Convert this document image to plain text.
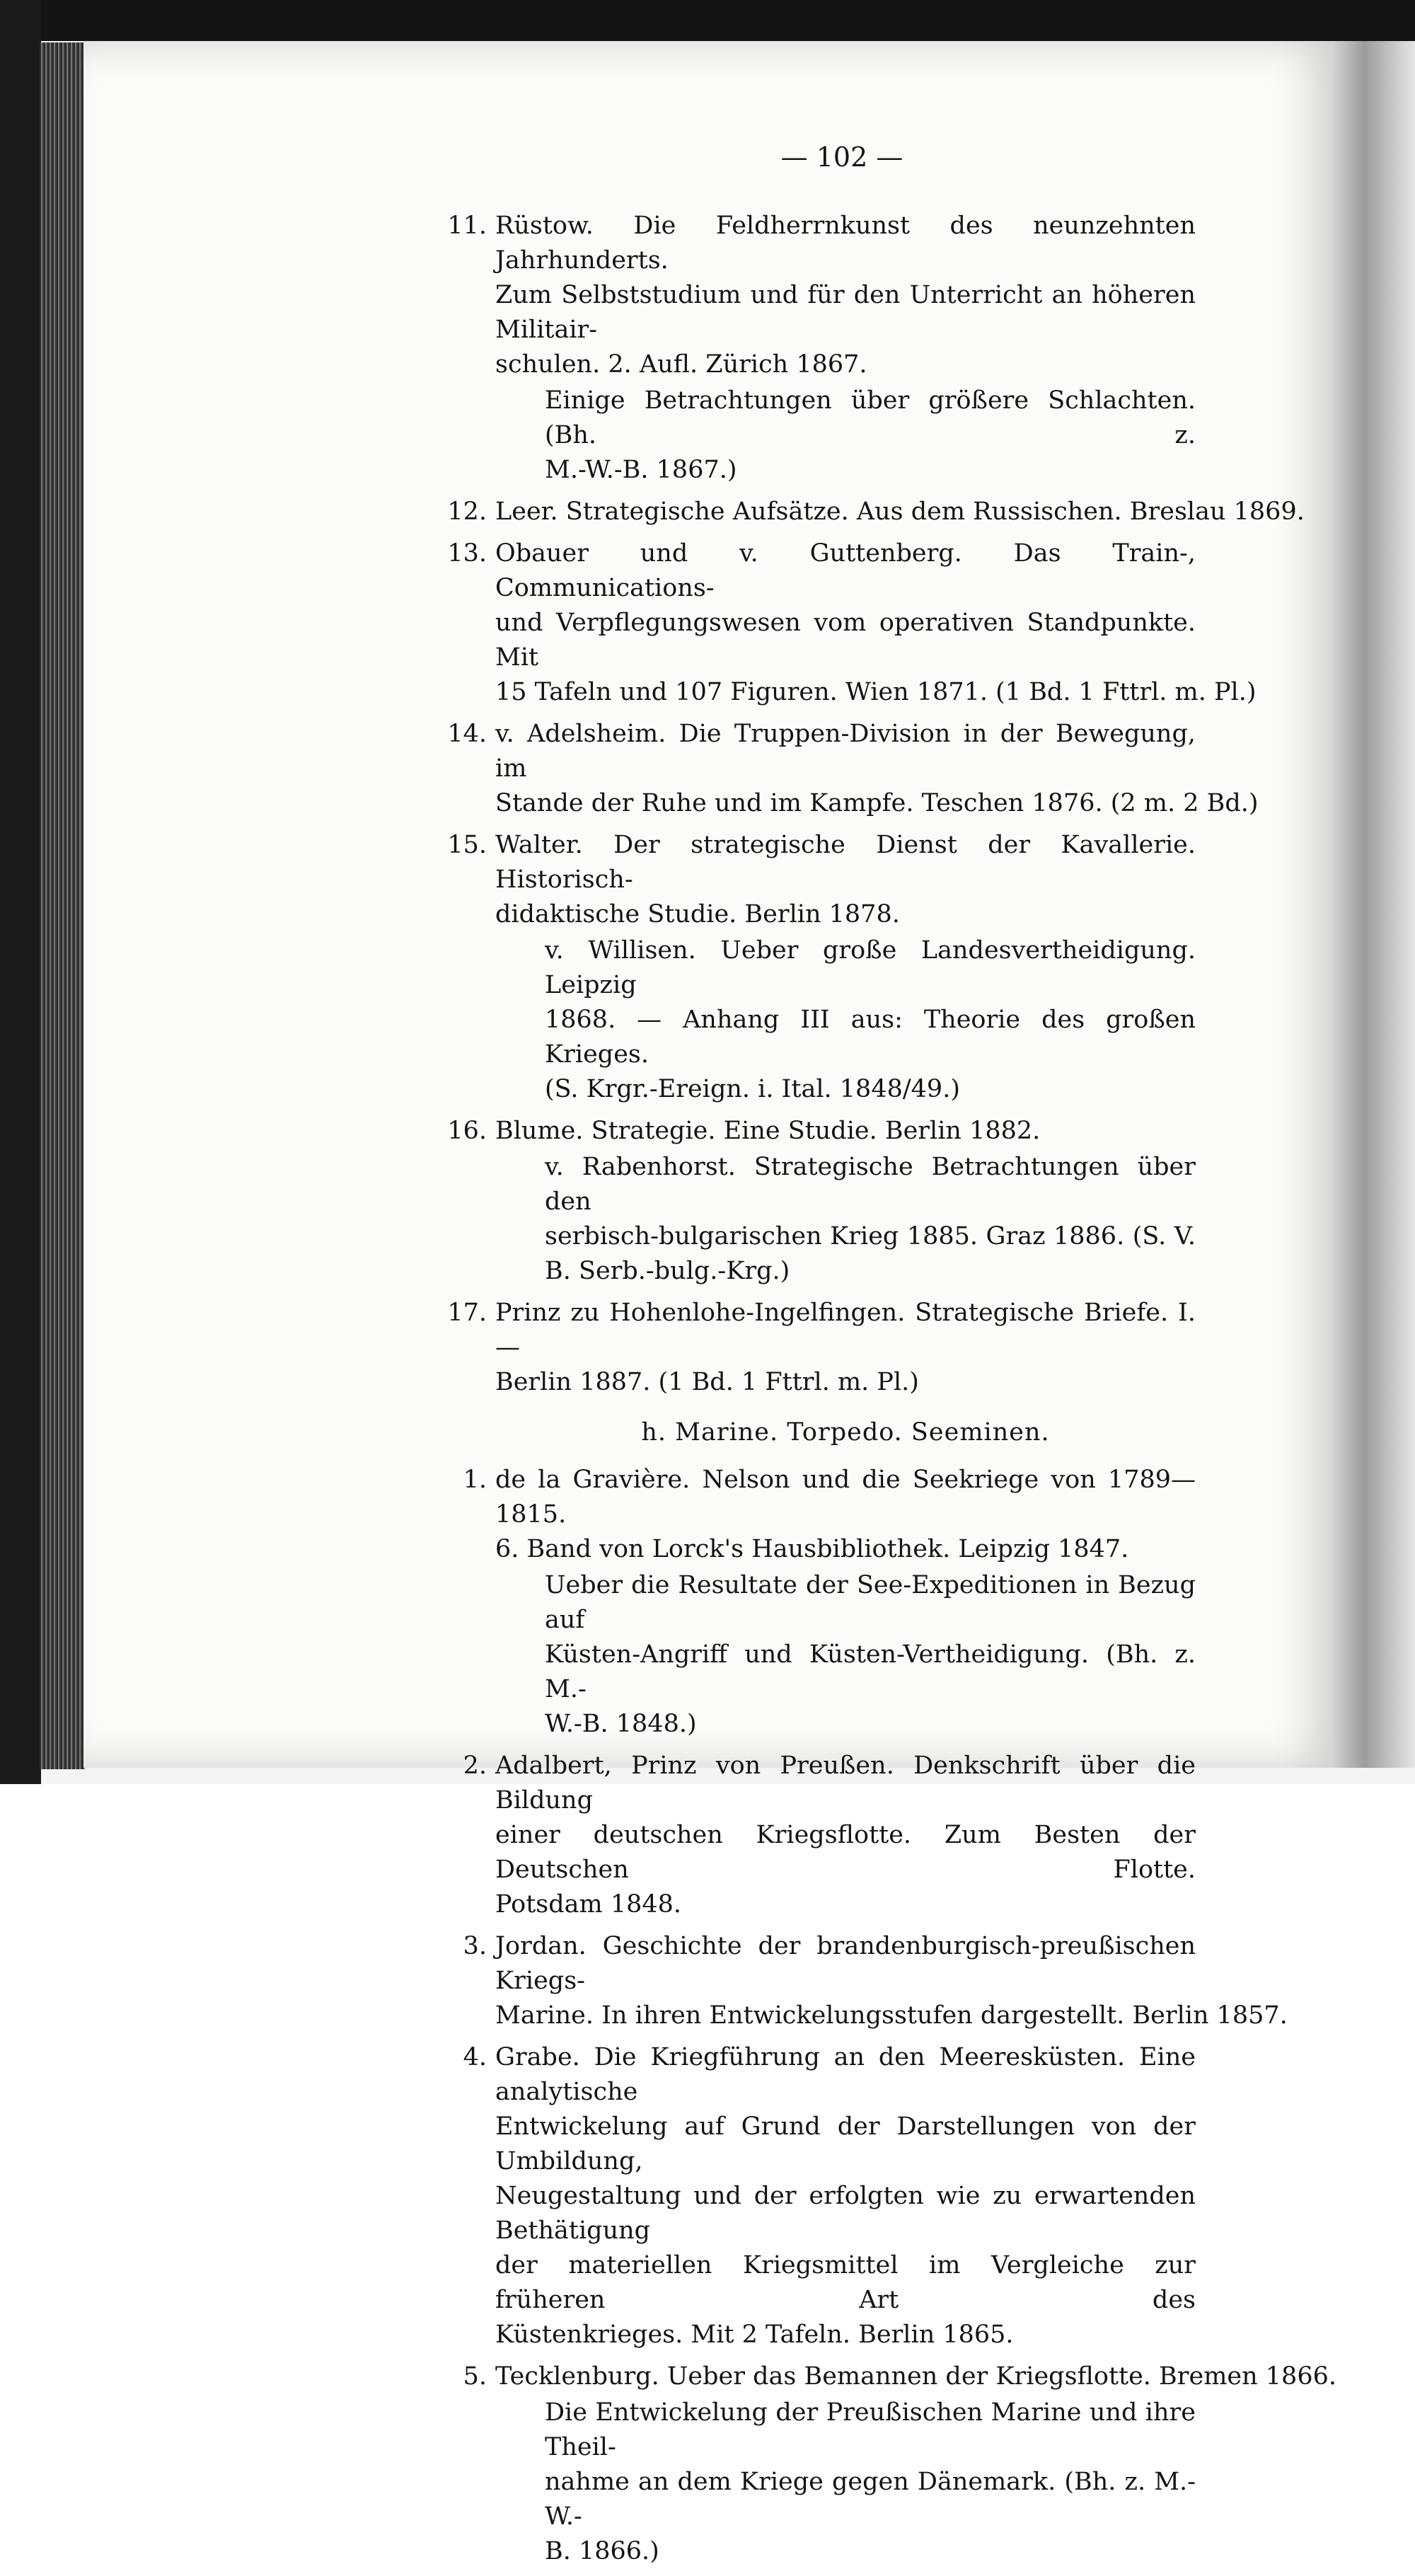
— 102 —
11. Rüstow. Die Feldherrnkunst des neunzehnten Jahrhunderts.
Zum Selbststudium und für den Unterricht an höheren Militair-
schulen. 2. Aufl. Zürich 1867.
Einige Betrachtungen über größere Schlachten. (Bh. z.
M.-W.-B. 1867.)
12. Leer. Strategische Aufsätze. Aus dem Russischen. Breslau 1869.
13. Obauer und v. Guttenberg. Das Train-, Communications-
und Verpflegungswesen vom operativen Standpunkte. Mit
15 Tafeln und 107 Figuren. Wien 1871. (1 Bd. 1 Fttrl. m. Pl.)
14. v. Adelsheim. Die Truppen-Division in der Bewegung, im
Stande der Ruhe und im Kampfe. Teschen 1876. (2 m. 2 Bd.)
15. Walter. Der strategische Dienst der Kavallerie. Historisch-
didaktische Studie. Berlin 1878.
v. Willisen. Ueber große Landesvertheidigung. Leipzig
1868. — Anhang III aus: Theorie des großen Krieges.
(S. Krgr.-Ereign. i. Ital. 1848/49.)
16. Blume. Strategie. Eine Studie. Berlin 1882.
v. Rabenhorst. Strategische Betrachtungen über den
serbisch-bulgarischen Krieg 1885. Graz 1886. (S. V.
B. Serb.-bulg.-Krg.)
17. Prinz zu Hohenlohe-Ingelfingen. Strategische Briefe. I. —
Berlin 1887. (1 Bd. 1 Fttrl. m. Pl.)
h. Marine. Torpedo. Seeminen.
1. de la Gravière. Nelson und die Seekriege von 1789—1815.
6. Band von Lorck's Hausbibliothek. Leipzig 1847.
Ueber die Resultate der See-Expeditionen in Bezug auf
Küsten-Angriff und Küsten-Vertheidigung. (Bh. z. M.-
W.-B. 1848.)
2. Adalbert, Prinz von Preußen. Denkschrift über die Bildung
einer deutschen Kriegsflotte. Zum Besten der Deutschen Flotte.
Potsdam 1848.
3. Jordan. Geschichte der brandenburgisch-preußischen Kriegs-
Marine. In ihren Entwickelungsstufen dargestellt. Berlin 1857.
4. Grabe. Die Kriegführung an den Meeresküsten. Eine analytische
Entwickelung auf Grund der Darstellungen von der Umbildung,
Neugestaltung und der erfolgten wie zu erwartenden Bethätigung
der materiellen Kriegsmittel im Vergleiche zur früheren Art des
Küstenkrieges. Mit 2 Tafeln. Berlin 1865.
5. Tecklenburg. Ueber das Bemannen der Kriegsflotte. Bremen 1866.
Die Entwickelung der Preußischen Marine und ihre Theil-
nahme an dem Kriege gegen Dänemark. (Bh. z. M.-W.-
B. 1866.)
